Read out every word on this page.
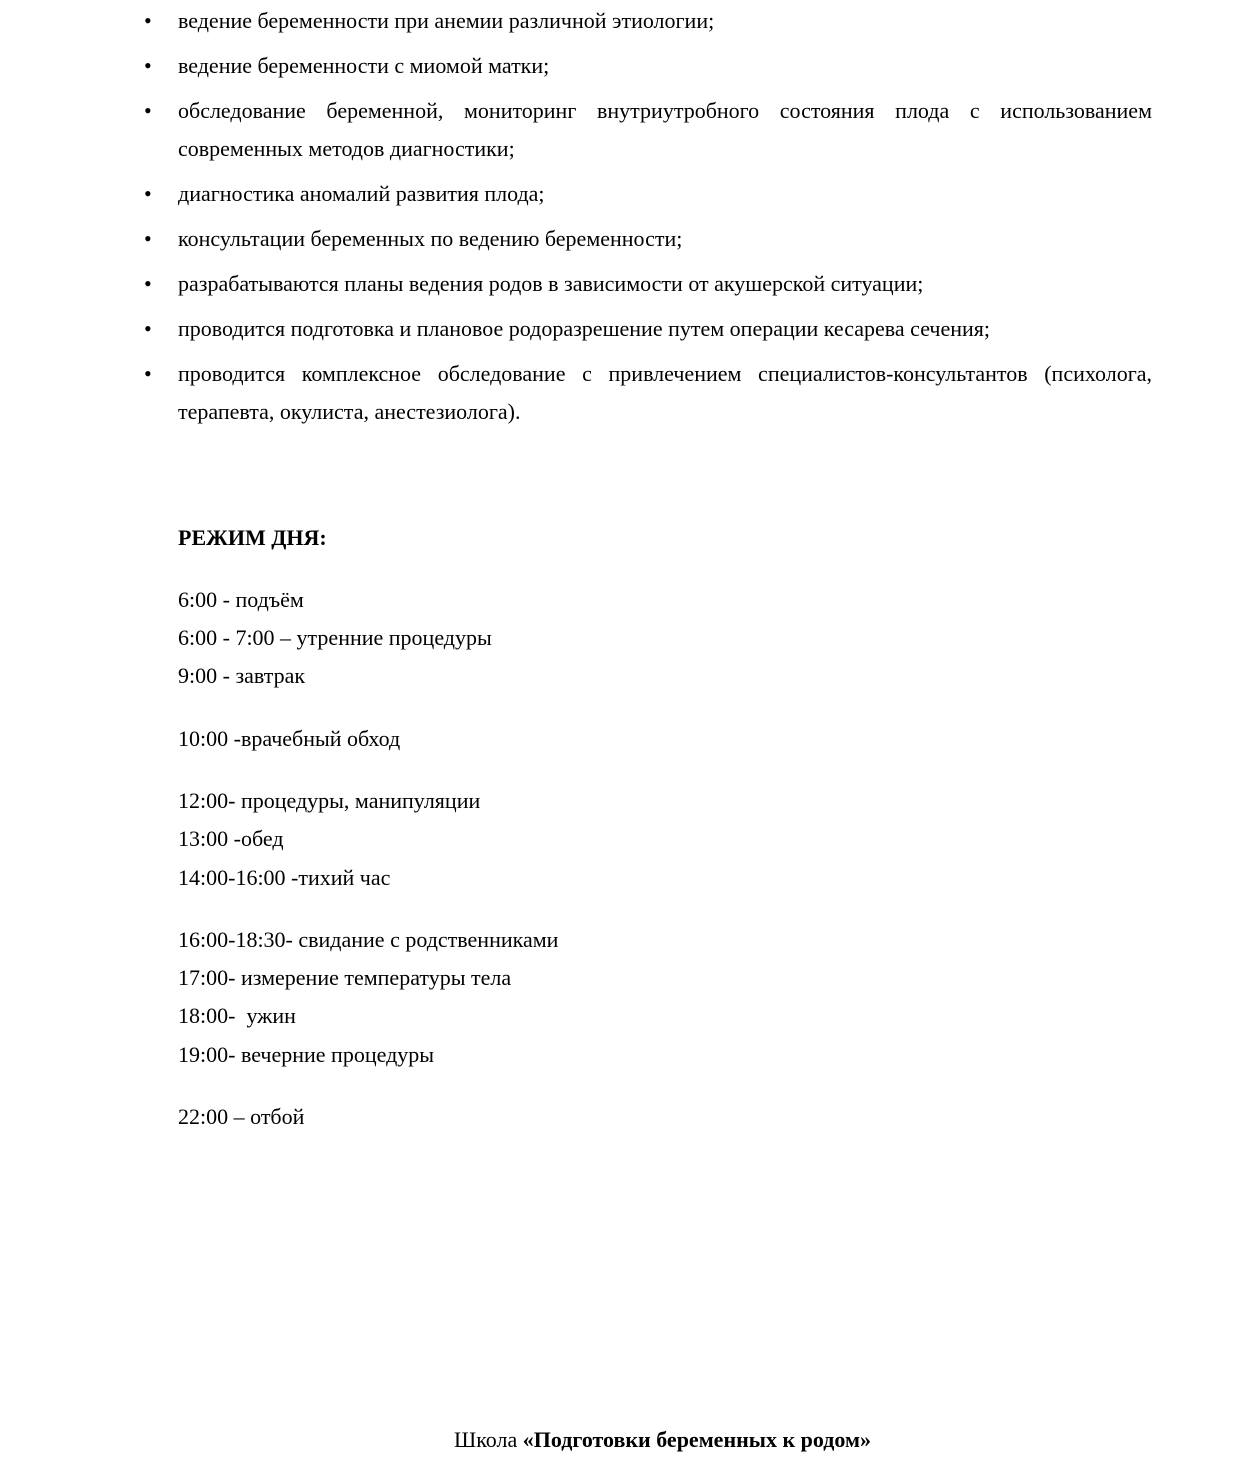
• ведение беременности при анемии различной этиологии;
• ведение беременности с миомой матки;
• обследование беременной, мониторинг внутриутробного состояния плода с использованием современных методов диагностики;
• диагностика аномалий развития плода;
• консультации беременных по ведению беременности;
• разрабатываются планы ведения родов в зависимости от акушерской ситуации;
• проводится подготовка и плановое родоразрешение путем операции кесарева сечения;
• проводится комплексное обследование с привлечением специалистов-консультантов (психолога, терапевта, окулиста, анестезиолога).
РЕЖИМ ДНЯ:
6:00 - подъём
6:00 - 7:00 – утренние процедуры
9:00 - завтрак
10:00 -врачебный обход
12:00- процедуры, манипуляции
13:00 -обед
14:00-16:00 -тихий час
16:00-18:30- свидание с родственниками
17:00- измерение температуры тела
18:00-  ужин
19:00- вечерние процедуры
22:00 – отбой
Школа «Подготовки беременных к родом»
